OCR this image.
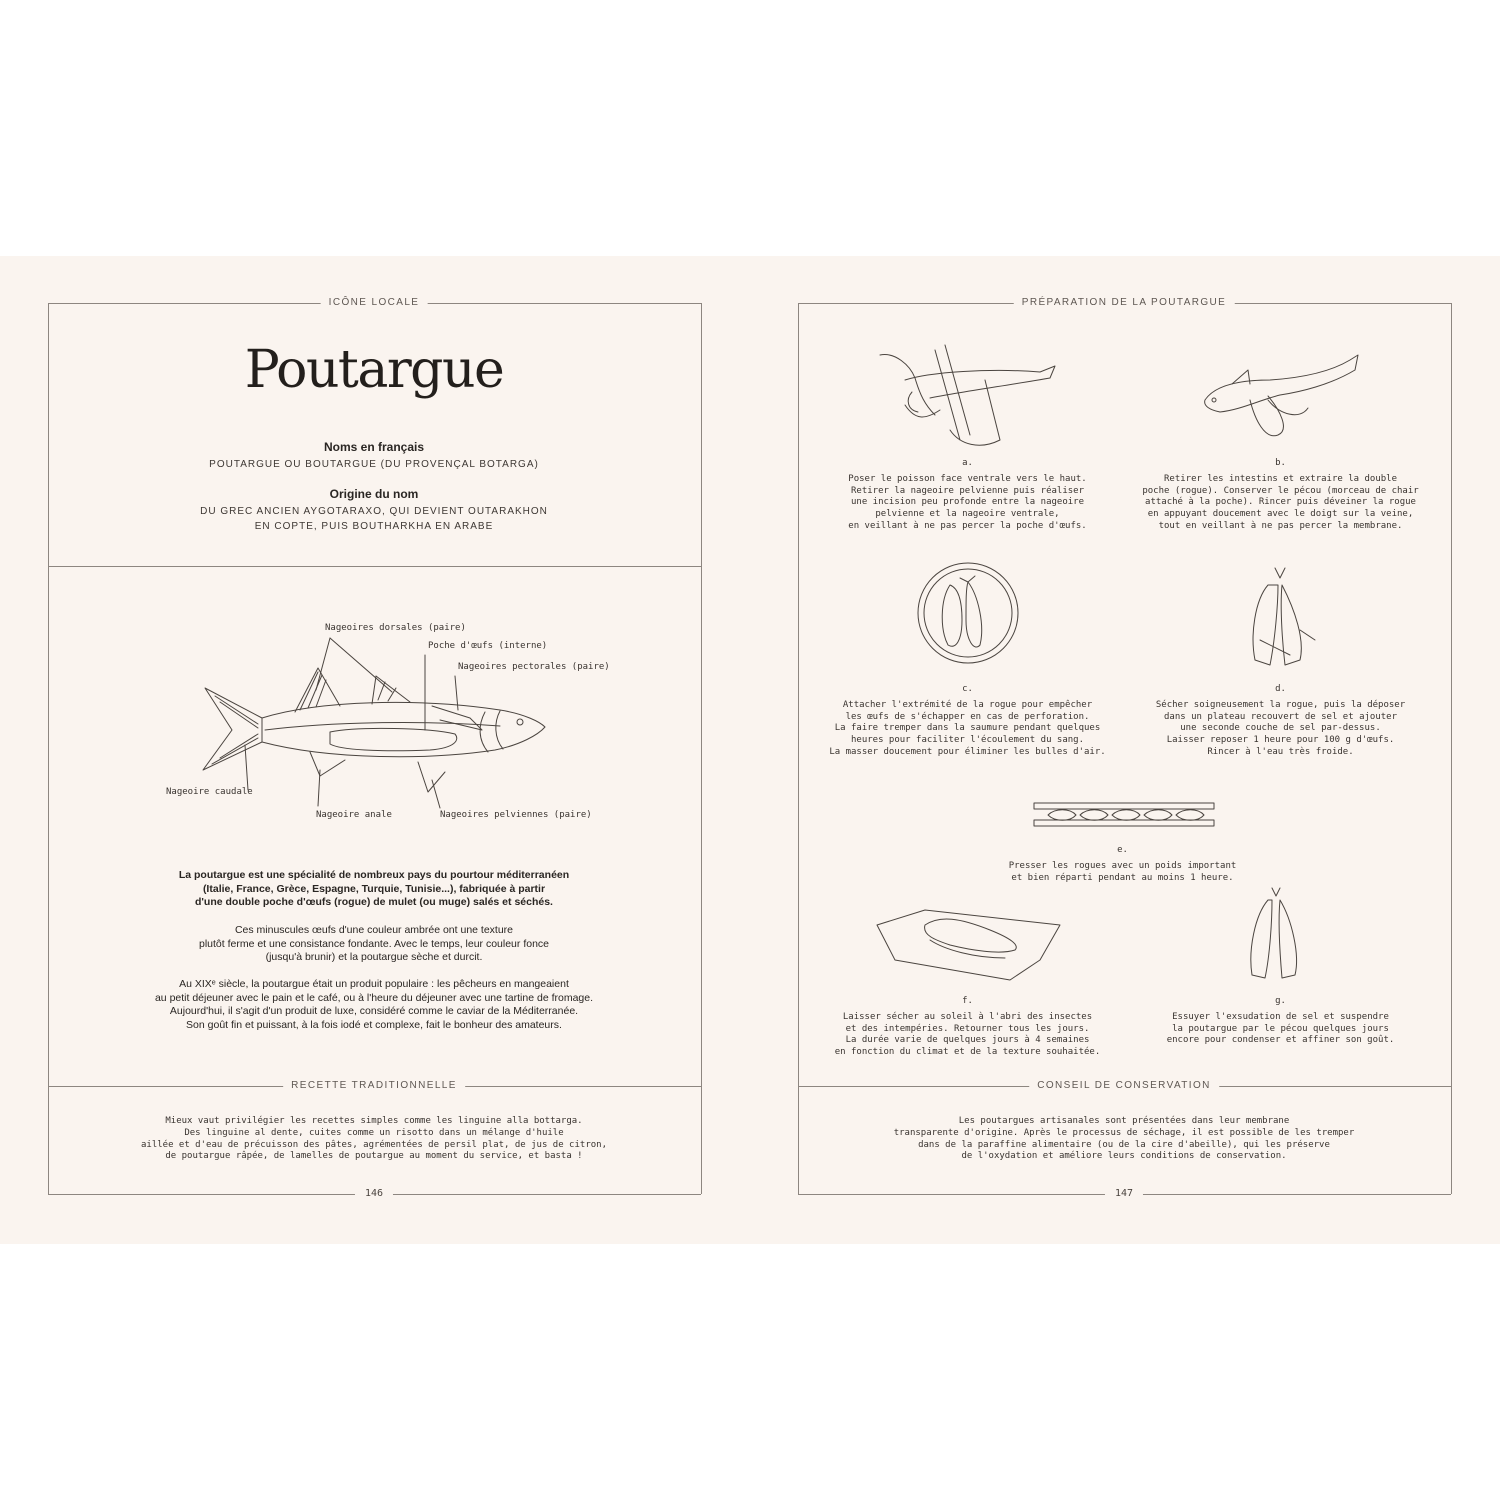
ICÔNE LOCALE
Poutargue
Noms en français
POUTARGUE OU BOUTARGUE (DU PROVENÇAL BOTARGA)
Origine du nom
DU GREC ANCIEN AYGOTARAXO, QUI DEVIENT OUTARAKHON
EN COPTE, PUIS BOUTHARKHA EN ARABE
Nageoires dorsales (paire)
Poche d'œufs (interne)
Nageoires pectorales (paire)
Nageoire caudale
Nageoire anale	Nageoires pelviennes (paire)
La poutargue est une spécialité de nombreux pays du pourtour méditerranéen
(Italie, France, Grèce, Espagne, Turquie, Tunisie...), fabriquée à partir
d'une double poche d'œufs (rogue) de mulet (ou muge) salés et séchés.
Ces minuscules œufs d'une couleur ambrée ont une texture
plutôt ferme et une consistance fondante. Avec le temps, leur couleur fonce
(jusqu'à brunir) et la poutargue sèche et durcit.
Au XIXᵉ siècle, la poutargue était un produit populaire : les pêcheurs en mangeaient
au petit déjeuner avec le pain et le café, ou à l'heure du déjeuner avec une tartine de fromage.
Aujourd'hui, il s'agit d'un produit de luxe, considéré comme le caviar de la Méditerranée.
Son goût fin et puissant, à la fois iodé et complexe, fait le bonheur des amateurs.
RECETTE TRADITIONNELLE
Mieux vaut privilégier les recettes simples comme les linguine alla bottarga.
Des linguine al dente, cuites comme un risotto dans un mélange d'huile
aillée et d'eau de précuisson des pâtes, agrémentées de persil plat, de jus de citron,
de poutargue râpée, de lamelles de poutargue au moment du service, et basta !
146
PRÉPARATION DE LA POUTARGUE
a.
Poser le poisson face ventrale vers le haut.
Retirer la nageoire pelvienne puis réaliser
une incision peu profonde entre la nageoire
pelvienne et la nageoire ventrale,
en veillant à ne pas percer la poche d'œufs.
b.
Retirer les intestins et extraire la double
poche (rogue). Conserver le pécou (morceau de chair
attaché à la poche). Rincer puis déveiner la rogue
en appuyant doucement avec le doigt sur la veine,
tout en veillant à ne pas percer la membrane.
c.
Attacher l'extrémité de la rogue pour empêcher
les œufs de s'échapper en cas de perforation.
La faire tremper dans la saumure pendant quelques
heures pour faciliter l'écoulement du sang.
La masser doucement pour éliminer les bulles d'air.
d.
Sécher soigneusement la rogue, puis la déposer
dans un plateau recouvert de sel et ajouter
une seconde couche de sel par-dessus.
Laisser reposer 1 heure pour 100 g d'œufs.
Rincer à l'eau très froide.
e.
Presser les rogues avec un poids important
et bien réparti pendant au moins 1 heure.
f.
Laisser sécher au soleil à l'abri des insectes
et des intempéries. Retourner tous les jours.
La durée varie de quelques jours à 4 semaines
en fonction du climat et de la texture souhaitée.
g.
Essuyer l'exsudation de sel et suspendre
la poutargue par le pécou quelques jours
encore pour condenser et affiner son goût.
CONSEIL DE CONSERVATION
Les poutargues artisanales sont présentées dans leur membrane
transparente d'origine. Après le processus de séchage, il est possible de les tremper
dans de la paraffine alimentaire (ou de la cire d'abeille), qui les préserve
de l'oxydation et améliore leurs conditions de conservation.
147
